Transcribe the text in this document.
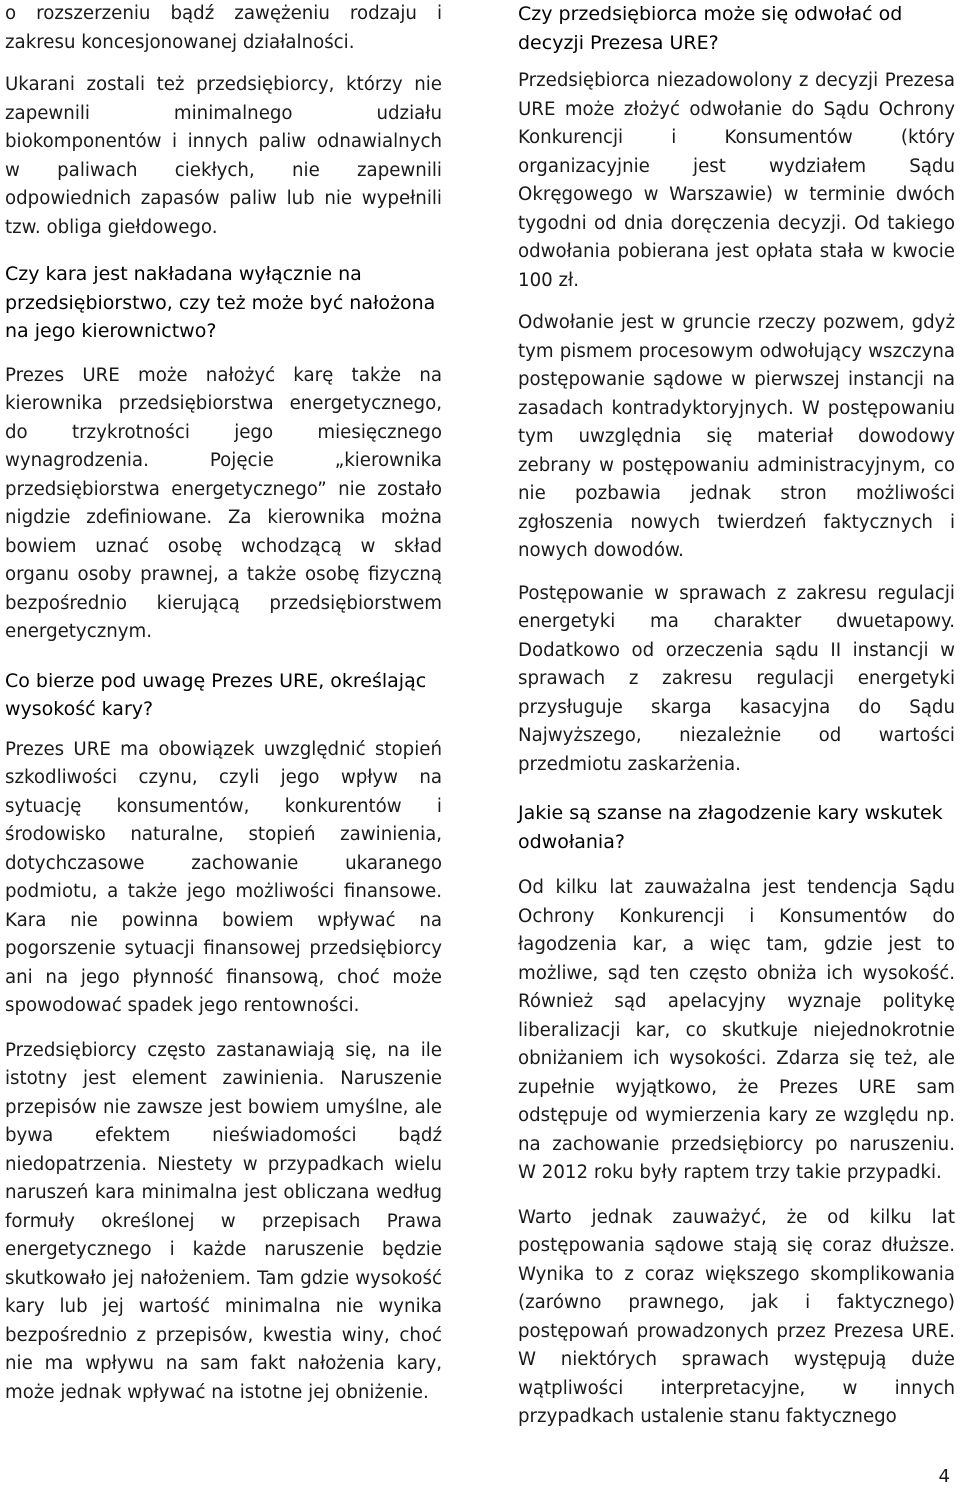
o rozszerzeniu bądź zawężeniu rodzaju i zakresu koncesjonowanej działalności.

Ukarani zostali też przedsiębiorcy, którzy nie zapewnili minimalnego udziału biokomponentów i innych paliw odnawialnych w paliwach ciekłych, nie zapewnili odpowiednich zapasów paliw lub nie wypełnili tzw. obliga giełdowego.

Czy kara jest nakładana wyłącznie na przedsiębiorstwo, czy też może być nałożona na jego kierownictwo?

Prezes URE może nałożyć karę także na kierownika przedsiębiorstwa energetycznego, do trzykrotności jego miesięcznego wynagrodzenia. Pojęcie „kierownika przedsiębiorstwa energetycznego” nie zostało nigdzie zdefiniowane. Za kierownika można bowiem uznać osobę wchodzącą w skład organu osoby prawnej, a także osobę fizyczną bezpośrednio kierującą przedsiębiorstwem energetycznym.

Co bierze pod uwagę Prezes URE, określając wysokość kary?

Prezes URE ma obowiązek uwzględnić stopień szkodliwości czynu, czyli jego wpływ na sytuację konsumentów, konkurentów i środowisko naturalne, stopień zawinienia, dotychczasowe zachowanie ukaranego podmiotu, a także jego możliwości finansowe. Kara nie powinna bowiem wpływać na pogorszenie sytuacji finansowej przedsiębiorcy ani na jego płynność finansową, choć może spowodować spadek jego rentowności.

Przedsiębiorcy często zastanawiają się, na ile istotny jest element zawinienia. Naruszenie przepisów nie zawsze jest bowiem umyślne, ale bywa efektem nieświadomości bądź niedopatrzenia. Niestety w przypadkach wielu naruszeń kara minimalna jest obliczana według formuły określonej w przepisach Prawa energetycznego i każde naruszenie będzie skutkowało jej nałożeniem. Tam gdzie wysokość kary lub jej wartość minimalna nie wynika bezpośrednio z przepisów, kwestia winy, choć nie ma wpływu na sam fakt nałożenia kary, może jednak wpływać na istotne jej obniżenie.

Czy przedsiębiorca może się odwołać od decyzji Prezesa URE?

Przedsiębiorca niezadowolony z decyzji Prezesa URE może złożyć odwołanie do Sądu Ochrony Konkurencji i Konsumentów (który organizacyjnie jest wydziałem Sądu Okręgowego w Warszawie) w terminie dwóch tygodni od dnia doręczenia decyzji. Od takiego odwołania pobierana jest opłata stała w kwocie 100 zł.

Odwołanie jest w gruncie rzeczy pozwem, gdyż tym pismem procesowym odwołujący wszczyna postępowanie sądowe w pierwszej instancji na zasadach kontradyktoryjnych. W postępowaniu tym uwzględnia się materiał dowodowy zebrany w postępowaniu administracyjnym, co nie pozbawia jednak stron możliwości zgłoszenia nowych twierdzeń faktycznych i nowych dowodów.

Postępowanie w sprawach z zakresu regulacji energetyki ma charakter dwuetapowy. Dodatkowo od orzeczenia sądu II instancji w sprawach z zakresu regulacji energetyki przysługuje skarga kasacyjna do Sądu Najwyższego, niezależnie od wartości przedmiotu zaskarżenia.

Jakie są szanse na złagodzenie kary wskutek odwołania?

Od kilku lat zauważalna jest tendencja Sądu Ochrony Konkurencji i Konsumentów do łagodzenia kar, a więc tam, gdzie jest to możliwe, sąd ten często obniża ich wysokość. Również sąd apelacyjny wyznaje politykę liberalizacji kar, co skutkuje niejednokrotnie obniżaniem ich wysokości. Zdarza się też, ale zupełnie wyjątkowo, że Prezes URE sam odstępuje od wymierzenia kary ze względu np. na zachowanie przedsiębiorcy po naruszeniu. W 2012 roku były raptem trzy takie przypadki.

Warto jednak zauważyć, że od kilku lat postępowania sądowe stają się coraz dłuższe. Wynika to z coraz większego skomplikowania (zarówno prawnego, jak i faktycznego) postępowań prowadzonych przez Prezesa URE. W niektórych sprawach występują duże wątpliwości interpretacyjne, w innych przypadkach ustalenie stanu faktycznego

4
